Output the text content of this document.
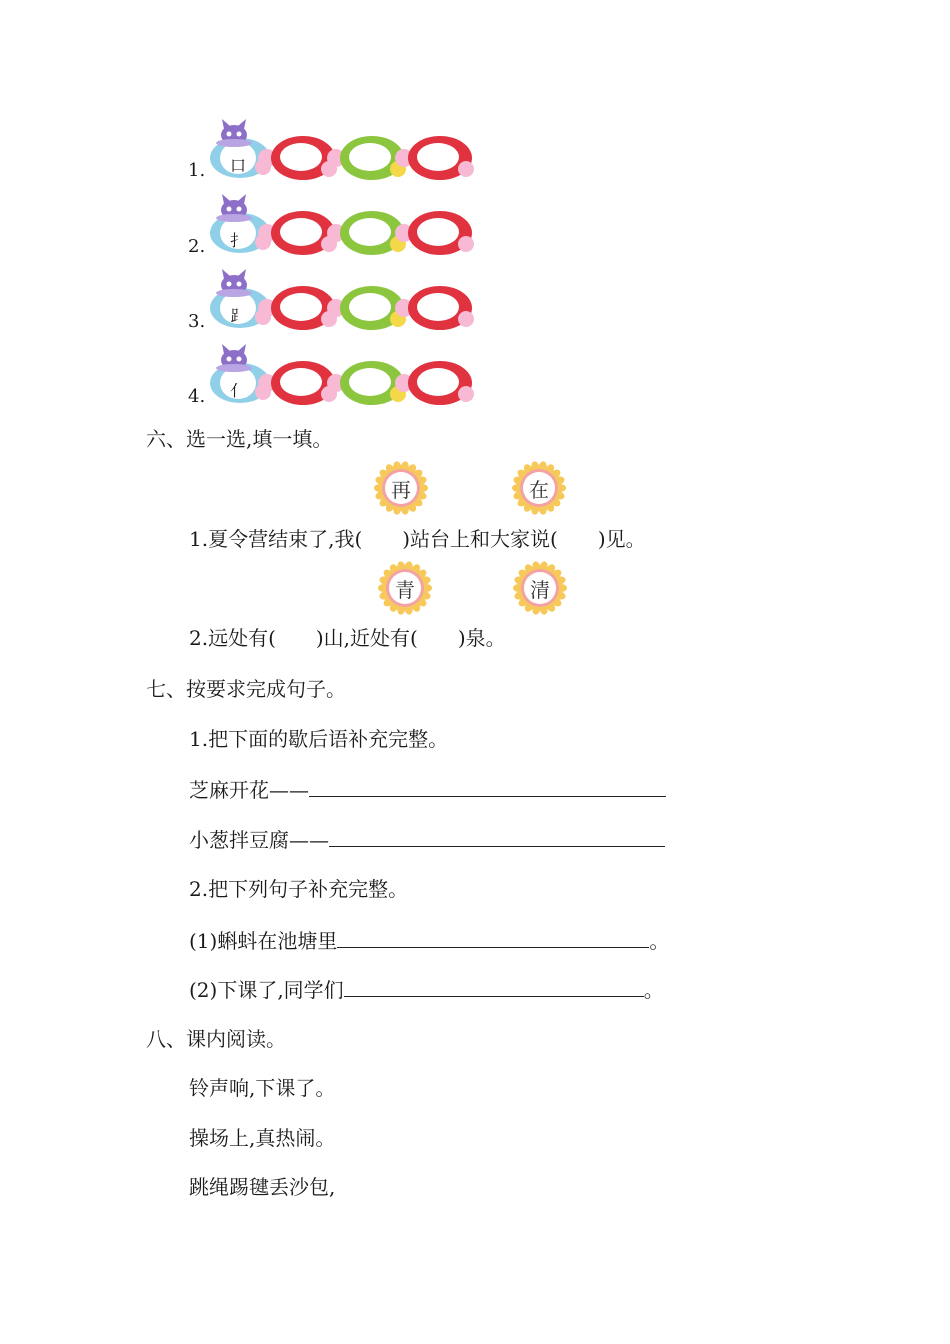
1.
2.
3.
4.
口
扌
⻊
亻
六、选一选,填一填。
再	在
1.夏令营结束了,我(　　)站台上和大家说(　　)见。
青	清
2.远处有(　　)山,近处有(　　)泉。
七、按要求完成句子。
1.把下面的歇后语补充完整。
芝麻开花——
小葱拌豆腐——
2.把下列句子补充完整。
(1)蝌蚪在池塘里	。
(2)下课了,同学们	。
八、课内阅读。
铃声响,下课了。
操场上,真热闹。
跳绳踢毽丢沙包,
